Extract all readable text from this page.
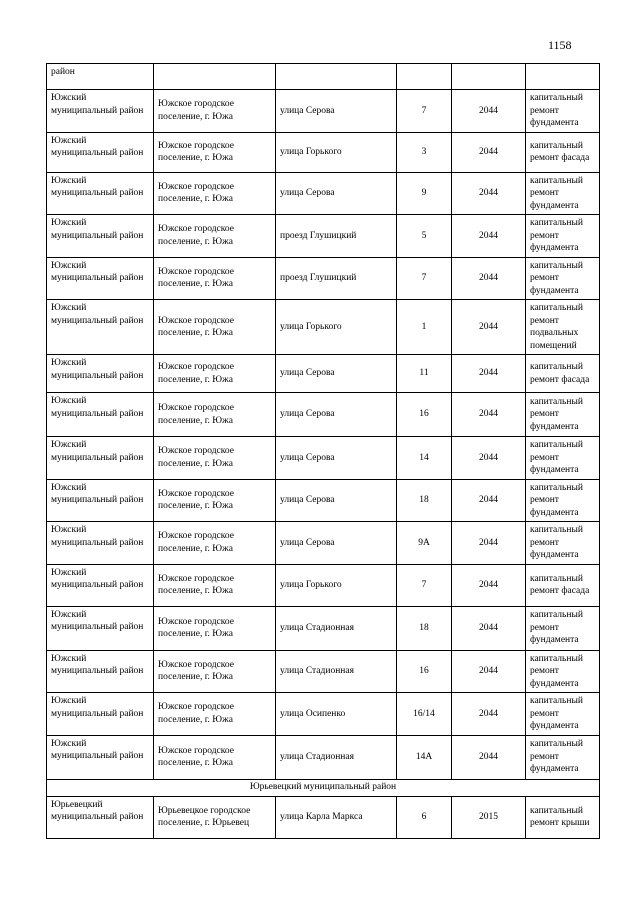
1158
район					
Южский муниципальный район	Южское городское поселение, г. Южа	улица Серова	7	2044	капитальный ремонт фундамента
Южский муниципальный район	Южское городское поселение, г. Южа	улица Горького	3	2044	капитальный ремонт фасада
Южский муниципальный район	Южское городское поселение, г. Южа	улица Серова	9	2044	капитальный ремонт фундамента
Южский муниципальный район	Южское городское поселение, г. Южа	проезд Глушицкий	5	2044	капитальный ремонт фундамента
Южский муниципальный район	Южское городское поселение, г. Южа	проезд Глушицкий	7	2044	капитальный ремонт фундамента
Южский муниципальный район	Южское городское поселение, г. Южа	улица Горького	1	2044	капитальный ремонт подвальных помещений
Южский муниципальный район	Южское городское поселение, г. Южа	улица Серова	11	2044	капитальный ремонт фасада
Южский муниципальный район	Южское городское поселение, г. Южа	улица Серова	16	2044	капитальный ремонт фундамента
Южский муниципальный район	Южское городское поселение, г. Южа	улица Серова	14	2044	капитальный ремонт фундамента
Южский муниципальный район	Южское городское поселение, г. Южа	улица Серова	18	2044	капитальный ремонт фундамента
Южский муниципальный район	Южское городское поселение, г. Южа	улица Серова	9А	2044	капитальный ремонт фундамента
Южский муниципальный район	Южское городское поселение, г. Южа	улица Горького	7	2044	капитальный ремонт фасада
Южский муниципальный район	Южское городское поселение, г. Южа	улица Стадионная	18	2044	капитальный ремонт фундамента
Южский муниципальный район	Южское городское поселение, г. Южа	улица Стадионная	16	2044	капитальный ремонт фундамента
Южский муниципальный район	Южское городское поселение, г. Южа	улица Осипенко	16/14	2044	капитальный ремонт фундамента
Южский муниципальный район	Южское городское поселение, г. Южа	улица Стадионная	14А	2044	капитальный ремонт фундамента
Юрьевецкий муниципальный район					
Юрьевецкий муниципальный район	Юрьевецкое городское поселение, г. Юрьевец	улица Карла Маркса	6	2015	капитальный ремонт крыши
